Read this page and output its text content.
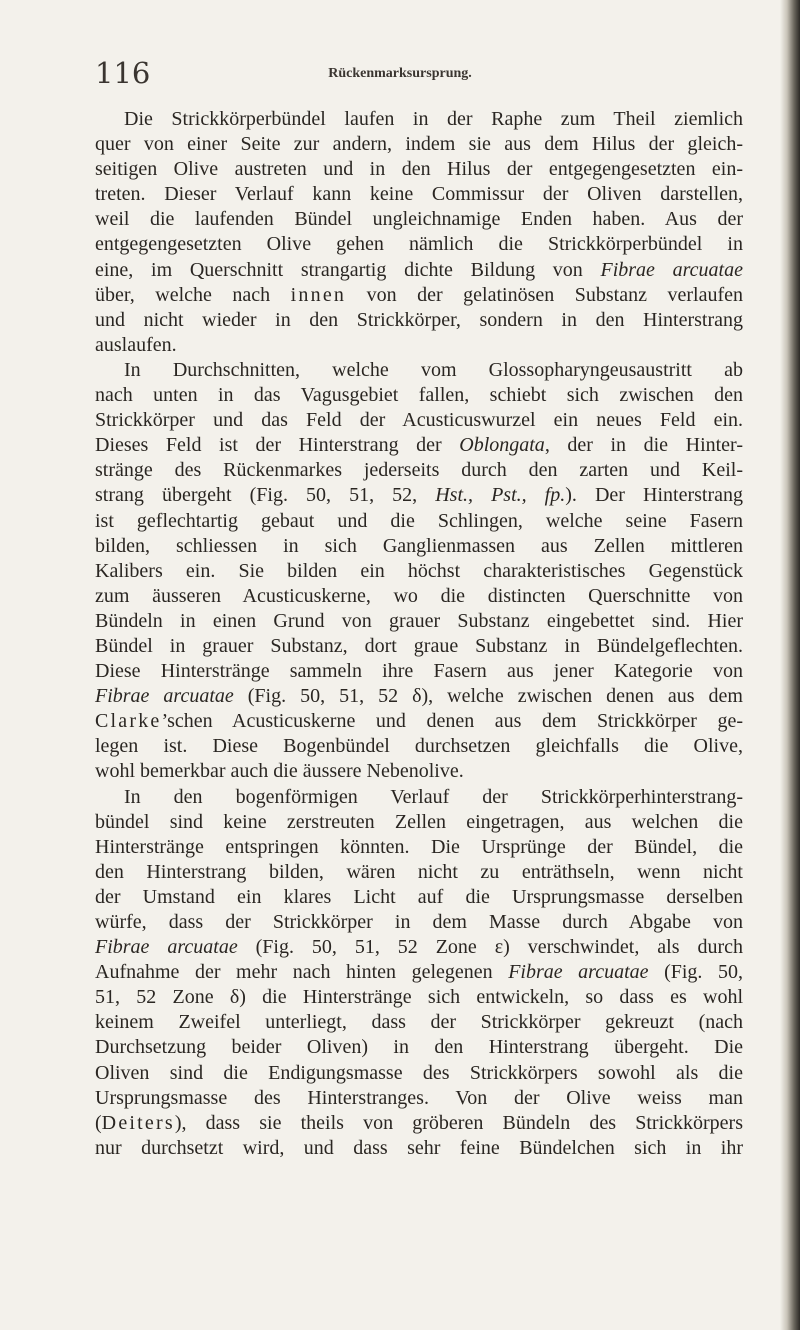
116	Rückenmarksursprung.
Die Strickkörperbündel laufen in der Raphe zum Theil ziemlich
quer von einer Seite zur andern, indem sie aus dem Hilus der gleich-
seitigen Olive austreten und in den Hilus der entgegengesetzten ein-
treten. Dieser Verlauf kann keine Commissur der Oliven darstellen,
weil die laufenden Bündel ungleichnamige Enden haben. Aus der
entgegengesetzten Olive gehen nämlich die Strickkörperbündel in
eine, im Querschnitt strangartig dichte Bildung von Fibrae arcuatae
über, welche nach innen von der gelatinösen Substanz verlaufen
und nicht wieder in den Strickkörper, sondern in den Hinterstrang
auslaufen.
In Durchschnitten, welche vom Glossopharyngeusaustritt ab
nach unten in das Vagusgebiet fallen, schiebt sich zwischen den
Strickkörper und das Feld der Acusticuswurzel ein neues Feld ein.
Dieses Feld ist der Hinterstrang der Oblongata, der in die Hinter-
stränge des Rückenmarkes jederseits durch den zarten und Keil-
strang übergeht (Fig. 50, 51, 52, Hst., Pst., fp.). Der Hinterstrang
ist geflechtartig gebaut und die Schlingen, welche seine Fasern
bilden, schliessen in sich Ganglienmassen aus Zellen mittleren
Kalibers ein. Sie bilden ein höchst charakteristisches Gegenstück
zum äusseren Acusticuskerne, wo die distincten Querschnitte von
Bündeln in einen Grund von grauer Substanz eingebettet sind. Hier
Bündel in grauer Substanz, dort graue Substanz in Bündelgeflechten.
Diese Hinterstränge sammeln ihre Fasern aus jener Kategorie von
Fibrae arcuatae (Fig. 50, 51, 52 δ), welche zwischen denen aus dem
Clarke’schen Acusticuskerne und denen aus dem Strickkörper ge-
legen ist. Diese Bogenbündel durchsetzen gleichfalls die Olive,
wohl bemerkbar auch die äussere Nebenolive.
In den bogenförmigen Verlauf der Strickkörperhinterstrang-
bündel sind keine zerstreuten Zellen eingetragen, aus welchen die
Hinterstränge entspringen könnten. Die Ursprünge der Bündel, die
den Hinterstrang bilden, wären nicht zu enträthseln, wenn nicht
der Umstand ein klares Licht auf die Ursprungsmasse derselben
würfe, dass der Strickkörper in dem Masse durch Abgabe von
Fibrae arcuatae (Fig. 50, 51, 52 Zone ε) verschwindet, als durch
Aufnahme der mehr nach hinten gelegenen Fibrae arcuatae (Fig. 50,
51, 52 Zone δ) die Hinterstränge sich entwickeln, so dass es wohl
keinem Zweifel unterliegt, dass der Strickkörper gekreuzt (nach
Durchsetzung beider Oliven) in den Hinterstrang übergeht. Die
Oliven sind die Endigungsmasse des Strickkörpers sowohl als die
Ursprungsmasse des Hinterstranges. Von der Olive weiss man
(Deiters), dass sie theils von gröberen Bündeln des Strickkörpers
nur durchsetzt wird, und dass sehr feine Bündelchen sich in ihr
